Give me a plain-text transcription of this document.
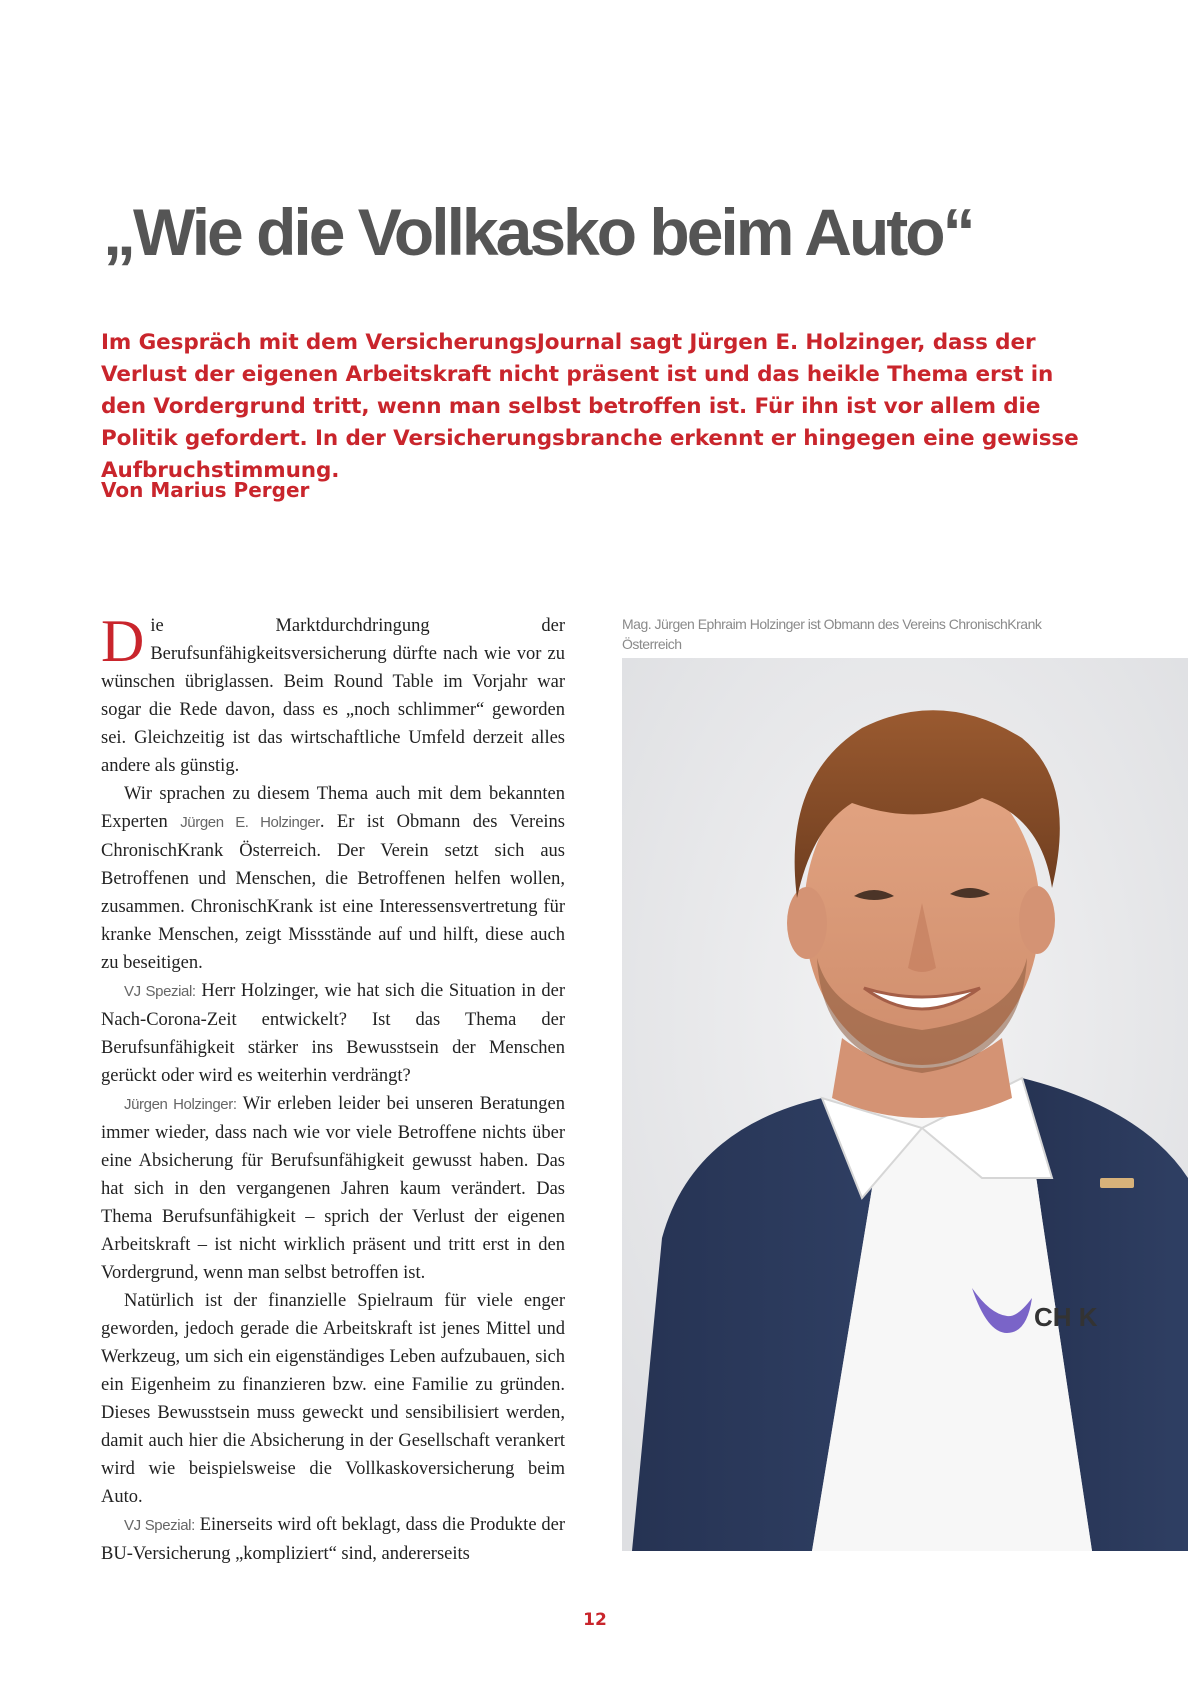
„Wie die Vollkasko beim Auto“

Im Gespräch mit dem VersicherungsJournal sagt Jürgen E. Holzinger, dass der Verlust der eigenen Arbeitskraft nicht präsent ist und das heikle Thema erst in den Vordergrund tritt, wenn man selbst betroffen ist. Für ihn ist vor allem die Politik gefordert. In der Versicherungsbranche erkennt er hingegen eine gewisse Aufbruchstimmung.

Von Marius Perger

Die Marktdurchdringung der Berufsunfähigkeitsversicherung dürfte nach wie vor zu wünschen übriglassen. Beim Round Table im Vorjahr war sogar die Rede davon, dass es „noch schlimmer“ geworden sei. Gleichzeitig ist das wirtschaftliche Umfeld derzeit alles andere als günstig.

Wir sprachen zu diesem Thema auch mit dem bekannten Experten Jürgen E. Holzinger. Er ist Obmann des Vereins ChronischKrank Österreich. Der Verein setzt sich aus Betroffenen und Menschen, die Betroffenen helfen wollen, zusammen. ChronischKrank ist eine Interessensvertretung für kranke Menschen, zeigt Missstände auf und hilft, diese auch zu beseitigen.

VJ Spezial: Herr Holzinger, wie hat sich die Situation in der Nach-Corona-Zeit entwickelt? Ist das Thema der Berufsunfähigkeit stärker ins Bewusstsein der Menschen gerückt oder wird es weiterhin verdrängt?

Jürgen Holzinger: Wir erleben leider bei unseren Beratungen immer wieder, dass nach wie vor viele Betroffene nichts über eine Absicherung für Berufsunfähigkeit gewusst haben. Das hat sich in den vergangenen Jahren kaum verändert. Das Thema Berufsunfähigkeit – sprich der Verlust der eigenen Arbeitskraft – ist nicht wirklich präsent und tritt erst in den Vordergrund, wenn man selbst betroffen ist.

Natürlich ist der finanzielle Spielraum für viele enger geworden, jedoch gerade die Arbeitskraft ist jenes Mittel und Werkzeug, um sich ein eigenständiges Leben aufzubauen, sich ein Eigenheim zu finanzieren bzw. eine Familie zu gründen. Dieses Bewusstsein muss geweckt und sensibilisiert werden, damit auch hier die Absicherung in der Gesellschaft verankert wird wie beispielsweise die Vollkaskoversicherung beim Auto.

VJ Spezial: Einerseits wird oft beklagt, dass die Produkte der BU-Versicherung „kompliziert“ sind, andererseits

Mag. Jürgen Ephraim Holzinger ist Obmann des Vereins ChronischKrank Österreich

CH K
12
